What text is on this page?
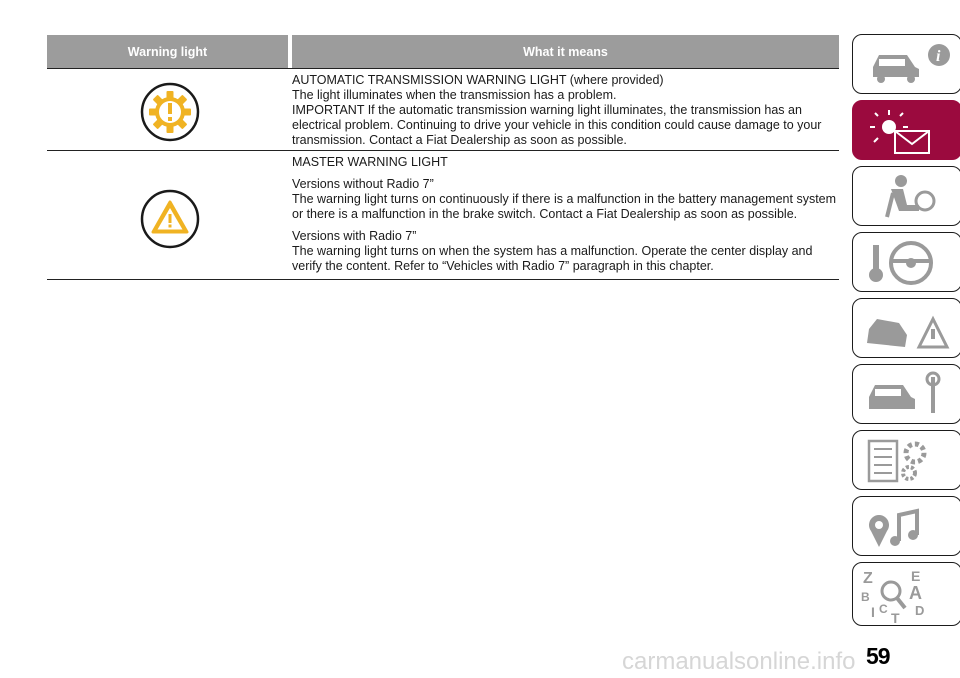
Warning light	What it means

AUTOMATIC TRANSMISSION WARNING LIGHT (where provided)

The light illuminates when the transmission has a problem.

IMPORTANT If the automatic transmission warning light illuminates, the transmission has an electrical problem. Continuing to drive your vehicle in this condition could cause damage to your transmission. Contact a Fiat Dealership as soon as possible.

MASTER WARNING LIGHT

Versions without Radio 7”

The warning light turns on continuously if there is a malfunction in the battery management system or there is a malfunction in the brake switch. Contact a Fiat Dealership as soon as possible.

Versions with Radio 7”

The warning light turns on when the system has a malfunction. Operate the center display and verify the content. Refer to “Vehicles with Radio 7” paragraph in this chapter.

i
Z	E
A
B
C D
T
I
59
carmanualsonline.info
